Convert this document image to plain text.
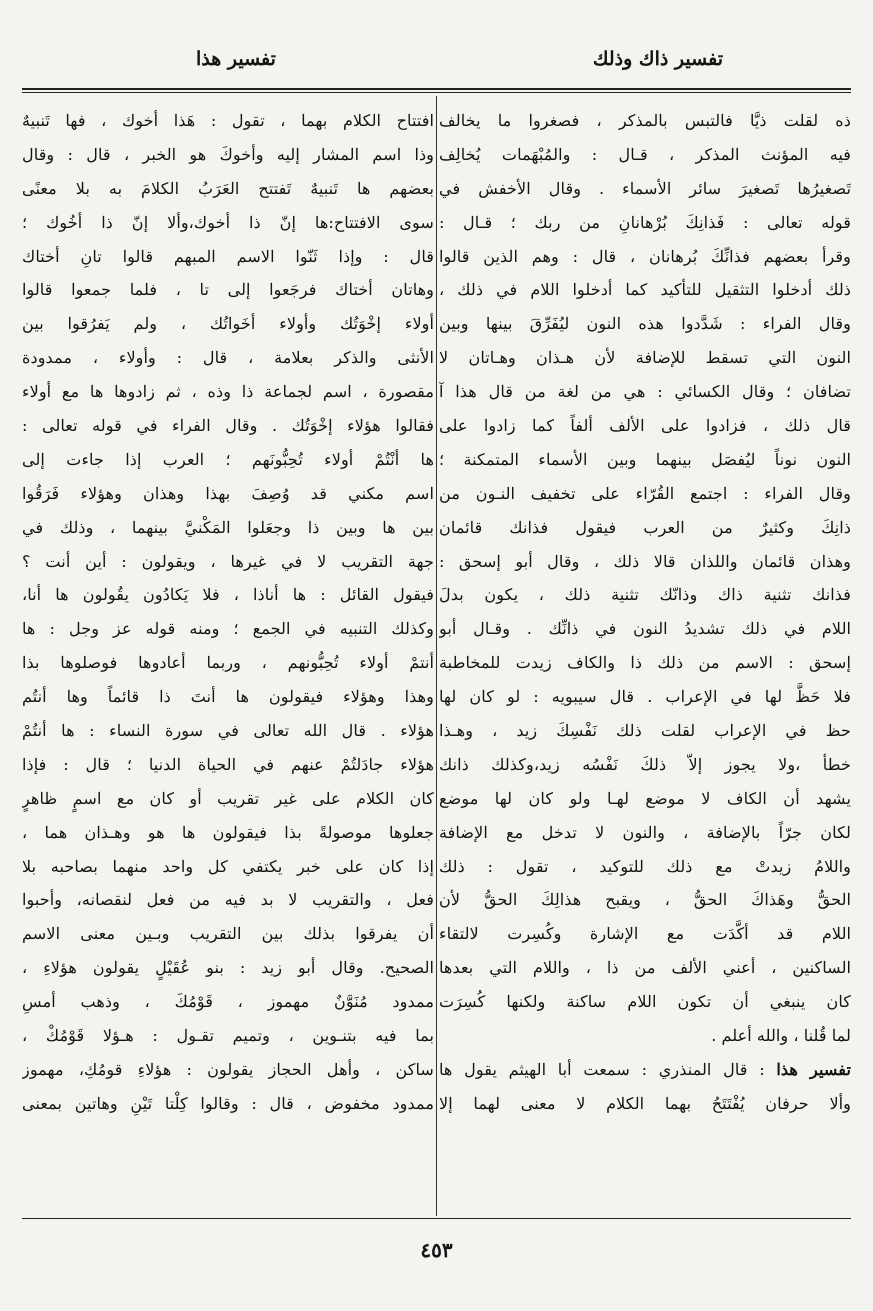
تفسير ذاك وذلك
تفسير هذا
ذه لقلت ذيَّا فالتبس بالمذكر ، فصغروا ما يخالف
فيه المؤنث المذكر ، قـال : والمُبْهَمات يُخالِف
تَصغيرُها تَصغيرَ سائر الأسماء . وقال الأخفش في
قوله تعالى : فَذانِكَ بُرْهانانِ من ربك ؛ قـال :
وقرأ بعضهم فذانِّكَ بُرهانان ، قال : وهم الذين قالوا
ذلك أدخلوا التثقيل للتأكيد كما أدخلوا اللام في ذلك ،
وقال الفراء : شَدَّدوا هذه النون ليُفَرِّقَ بينها وبين
النون التي تسقط للإضافة لأن هـذان وهـاتان لا
تضافان ؛ وقال الكسائي : هي من لغة من قال هذا آ
قال ذلك ، فزادوا على الألف ألفاً كما زادوا على
النون نوناً ليُفصَل بينهما وبين الأسماء المتمكنة ؛
وقال الفراء : اجتمع القُرّاء على تخفيف النـون من
ذانِكَ وكثيرٌ من العرب فيقول فذانك قائمان
وهذان قائمان واللذان قالا ذلك ، وقال أبو إسحق :
فذانك تثنية ذاك وذانّك تثنية ذلك ، يكون بدلَ
اللام في ذلك تشديدُ النون في ذانِّك . وقـال أبو
إسحق : الاسم من ذلك ذا والكاف زيدت للمخاطبة
فلا حَظَّ لها في الإعراب . قال سيبويه : لو كان لها
حظ في الإعراب لقلت ذلك نَفْسِكَ زيد ، وهـذا
خطأ ،ولا يجوز إلاّ ذلكَ نَفْسُه زيد،وكذلك ذانك
يشهد أن الكاف لا موضع لهـا ولو كان لها موضع
لكان جرّاً بالإضافة ، والنون لا تدخل مع الإضافة
واللامُ زيدتْ مع ذلك للتوكيد ، تقول : ذلك
الحقُّ وهَذاكَ الحقُّ ، ويقبح هذالِكَ الحقُّ لأن
اللام قد أكَّدَت مع الإشارة وكُسِرت لالتقاء
الساكنين ، أعني الألف من ذا ، واللام التي بعدها
كان ينبغي أن تكون اللام ساكنة ولكنها كُسِرَت
لما قُلنا ، والله أعلم .
تفسير هذا : قال المنذري : سمعت أبا الهيثم يقول ها
وألا حرفان يُفْتَتَحُ بهما الكلام لا معنى لهما إلا
افتتاح الكلام بهما ، تقول : هَذا أخوك ، فها تَنبيهٌ
وذا اسم المشار إليه وأخوكَ هو الخبر ، قال : وقال
بعضهم ها تَنبيهٌ تَفتتح العَرَبُ الكلامَ به بلا معنًى
سوى الافتتاح:ها إنّ ذا أخوك،وألا إنّ ذا أخُوك ؛
قال : وإذا ثَنّوا الاسم المبهم قالوا تانِ أختاك
وهاتان أختاك فرجَعوا إلى تا ، فلما جمعوا قالوا
أولاء إخْوَتُك وأولاء أخَواتُك ، ولم يَفرُقوا بين
الأنثى والذكر بعلامة ، قال : وأولاء ، ممدودة
مقصورة ، اسم لجماعة ذا وذه ، ثم زادوها ها مع أولاء
فقالوا هؤلاء إخْوَتُك . وقال الفراء في قوله تعالى :
ها أنْتُمْ أولاء تُحِبُّونَهم ؛ العرب إذا جاءت إلى
اسم مكني قد وُصِفَ بهذا وهذان وهؤلاء فَرَقُوا
بين ها وبين ذا وجعَلوا المَكْنيَّ بينهما ، وذلك في
جهة التقريب لا في غيرها ، ويقولون : أين أنت ؟
فيقول القائل : ها أناذا ، فلا يَكادُون يقُولون ها أنا،
وكذلك التنبيه في الجمع ؛ ومنه قوله عز وجل : ها
أنتمْ أولاء تُحِبُّونهم ، وربما أعادوها فوصلوها بذا
وهذا وهؤلاء فيقولون ها أنتَ ذا قائماً وها أنتُم
هؤلاء . قال الله تعالى في سورة النساء : ها أنتُمْ
هؤلاء جادَلتُمْ عنهم في الحياة الدنيا ؛ قال : فإذا
كان الكلام على غير تقريب أو كان مع اسمٍ ظاهرٍ
جعلوها موصولةً بذا فيقولون ها هو وهـذان هما ،
إذا كان على خبر يكتفي كل واحد منهما بصاحبه بلا
فعل ، والتقريب لا بد فيه من فعل لنقصانه، وأحبوا
أن يفرقوا بذلك بين التقريب وبـين معنى الاسم
الصحيح. وقال أبو زيد : بنو عُقَيْلٍ يقولون هؤلاءِ ،
ممدود مُنَوَّنٌ مهموز ، قَوْمُكَ ، وذهب أمسِ
بما فيه بتنـوين ، وتميم تقـول : هـؤلا قَوْمُكْ ،
ساكن ، وأهل الحجاز يقولون : هؤلاءِ قومُكِ، مهموز
ممدود مخفوض ، قال : وقالوا كِلْتا تَيْنِ وهاتين بمعنى
٤٥٣
